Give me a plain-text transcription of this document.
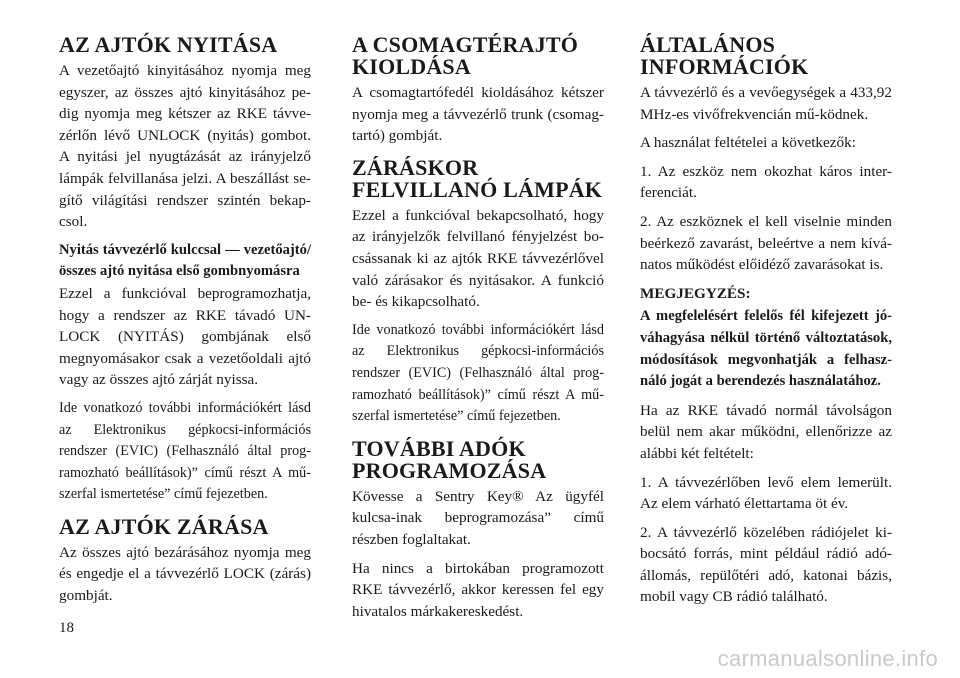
AZ AJTÓK NYITÁSA

A vezetőajtó kinyitásához nyomja meg egyszer, az összes ajtó kinyitásához pe-dig nyomja meg kétszer az RKE távve-zérlőn lévő UNLOCK (nyitás) gombot. A nyitási jel nyugtázását az irányjelző lámpák felvillanása jelzi. A beszállást se-gítő világítási rendszer szintén bekap-csol.

Nyitás távvezérlő kulccsal — vezetőajtó/összes ajtó nyitása első gombnyomásra

Ezzel a funkcióval beprogramozhatja, hogy a rendszer az RKE távadó UN-LOCK (NYITÁS) gombjának első megnyomásakor csak a vezetőoldali ajtó vagy az összes ajtó zárját nyissa.

Ide vonatkozó további információkért lásd az Elektronikus gépkocsi-információs rendszer (EVIC) (Felhasználó által prog-ramozható beállítások)” című részt A mű-szerfal ismertetése” című fejezetben.

AZ AJTÓK ZÁRÁSA

Az összes ajtó bezárásához nyomja meg és engedje el a távvezérlő LOCK (zárás) gombját.

A CSOMAGTÉRAJTÓ KIOLDÁSA

A csomagtartófedél kioldásához kétszer nyomja meg a távvezérlő trunk (csomag-tartó) gombját.

ZÁRÁSKOR FELVILLANÓ LÁMPÁK

Ezzel a funkcióval bekapcsolható, hogy az irányjelzők felvillanó fényjelzést bo-csássanak ki az ajtók RKE távvezérlővel való zárásakor és nyitásakor. A funkció be- és kikapcsolható.

Ide vonatkozó további információkért lásd az Elektronikus gépkocsi-információs rendszer (EVIC) (Felhasználó által prog-ramozható beállítások)” című részt A mű-szerfal ismertetése” című fejezetben.

TOVÁBBI ADÓK PROGRAMOZÁSA

Kövesse a Sentry Key® Az ügyfél kulcsa-inak beprogramozása” című részben foglaltakat.

Ha nincs a birtokában programozott RKE távvezérlő, akkor keressen fel egy hivatalos márkakereskedést.

ÁLTALÁNOS INFORMÁCIÓK

A távvezérlő és a vevőegységek a 433,92 MHz-es vivőfrekvencián mű-ködnek.

A használat feltételei a következők:

1. Az eszköz nem okozhat káros inter-ferenciát.

2. Az eszköznek el kell viselnie minden beérkező zavarást, beleértve a nem kívá-natos működést előidéző zavarásokat is.

MEGJEGYZÉS:

A megfelelésért felelős fél kifejezett jó-váhagyása nélkül történő változtatások, módosítások megvonhatják a felhasz-náló jogát a berendezés használatához.

Ha az RKE távadó normál távolságon belül nem akar működni, ellenőrizze az alábbi két feltételt:

1. A távvezérlőben levő elem lemerült. Az elem várható élettartama öt év.

2. A távvezérlő közelében rádiójelet ki-bocsátó forrás, mint például rádió adó-állomás, repülőtéri adó, katonai bázis, mobil vagy CB rádió található.

18
carmanualsonline.info
